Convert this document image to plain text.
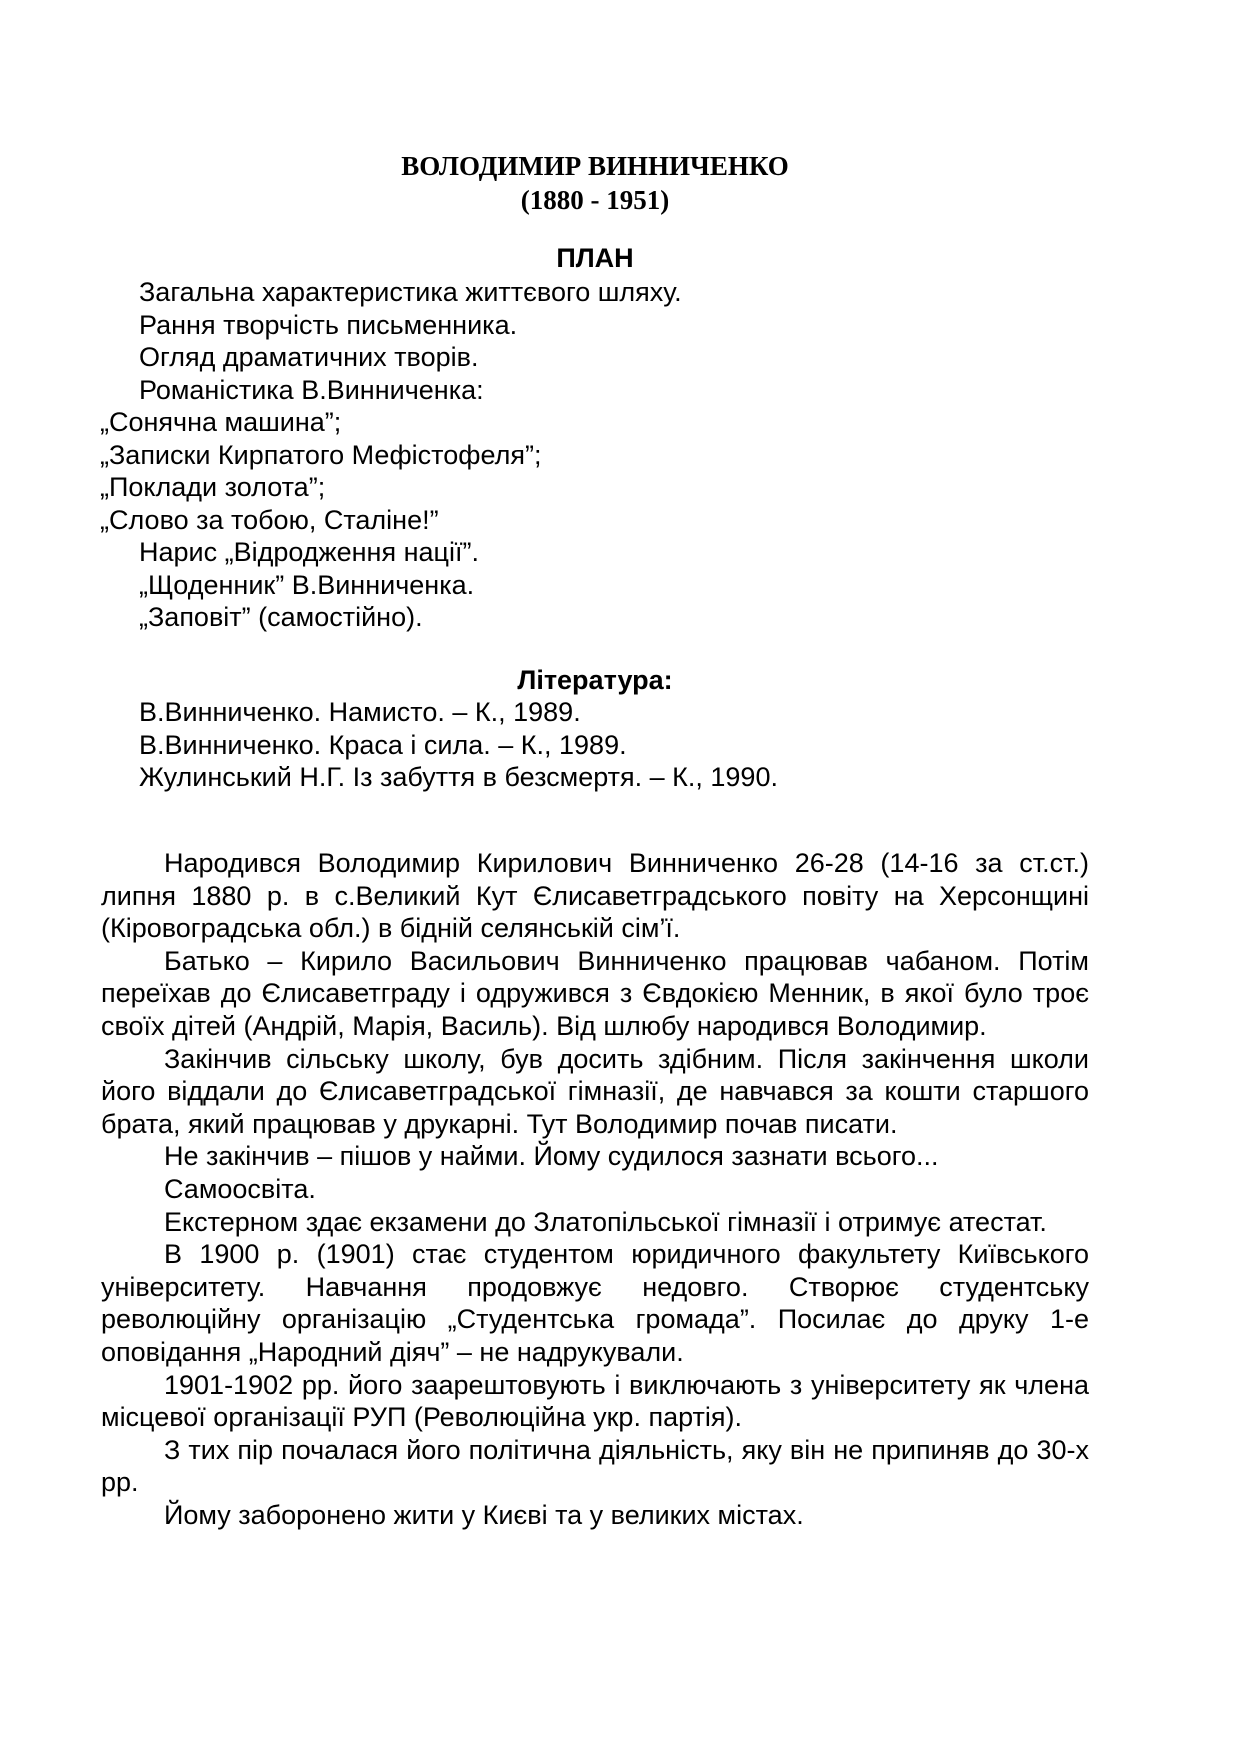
ВОЛОДИМИР ВИННИЧЕНКО
(1880 - 1951)
ПЛАН
Загальна характеристика життєвого шляху.
Рання творчість письменника.
Огляд драматичних творів.
Романістика В.Винниченка:
„Сонячна машина”;
„Записки Кирпатого Мефістофеля”;
„Поклади золота”;
„Слово за тобою, Сталіне!”
Нарис „Відродження нації”.
„Щоденник” В.Винниченка.
„Заповіт” (самостійно).
Література:
В.Винниченко. Намисто. – К., 1989.
В.Винниченко. Краса і сила. – К., 1989.
Жулинський Н.Г. Із забуття в безсмертя. – К., 1990.

Народився Володимир Кирилович Винниченко 26-28 (14-16 за ст.ст.) липня 1880 р. в с.Великий Кут Єлисаветградського повіту на Херсонщині (Кіровоградська обл.) в бідній селянській сім’ї.

Батько – Кирило Васильович Винниченко працював чабаном. Потім переїхав до Єлисаветграду і одружився з Євдокією Менник, в якої було троє своїх дітей (Андрій, Марія, Василь). Від шлюбу народився Володимир.

Закінчив сільську школу, був досить здібним. Після закінчення школи його віддали до Єлисаветградської гімназії, де навчався за кошти старшого брата, який працював у друкарні. Тут Володимир почав писати.

Не закінчив – пішов у найми. Йому судилося зазнати всього...

Самоосвіта.

Екстерном здає екзамени до Златопільської гімназії і отримує атестат.

В 1900 р. (1901) стає студентом юридичного факультету Київського університету. Навчання продовжує недовго. Створює студентську революційну організацію „Студентська громада”. Посилає до друку 1-е оповідання „Народний діяч” – не надрукували.

1901-1902 рр. його заарештовують і виключають з університету як члена місцевої організації РУП (Революційна укр. партія).

З тих пір почалася його політична діяльність, яку він не припиняв до 30-х рр.

Йому заборонено жити у Києві та у великих містах.
